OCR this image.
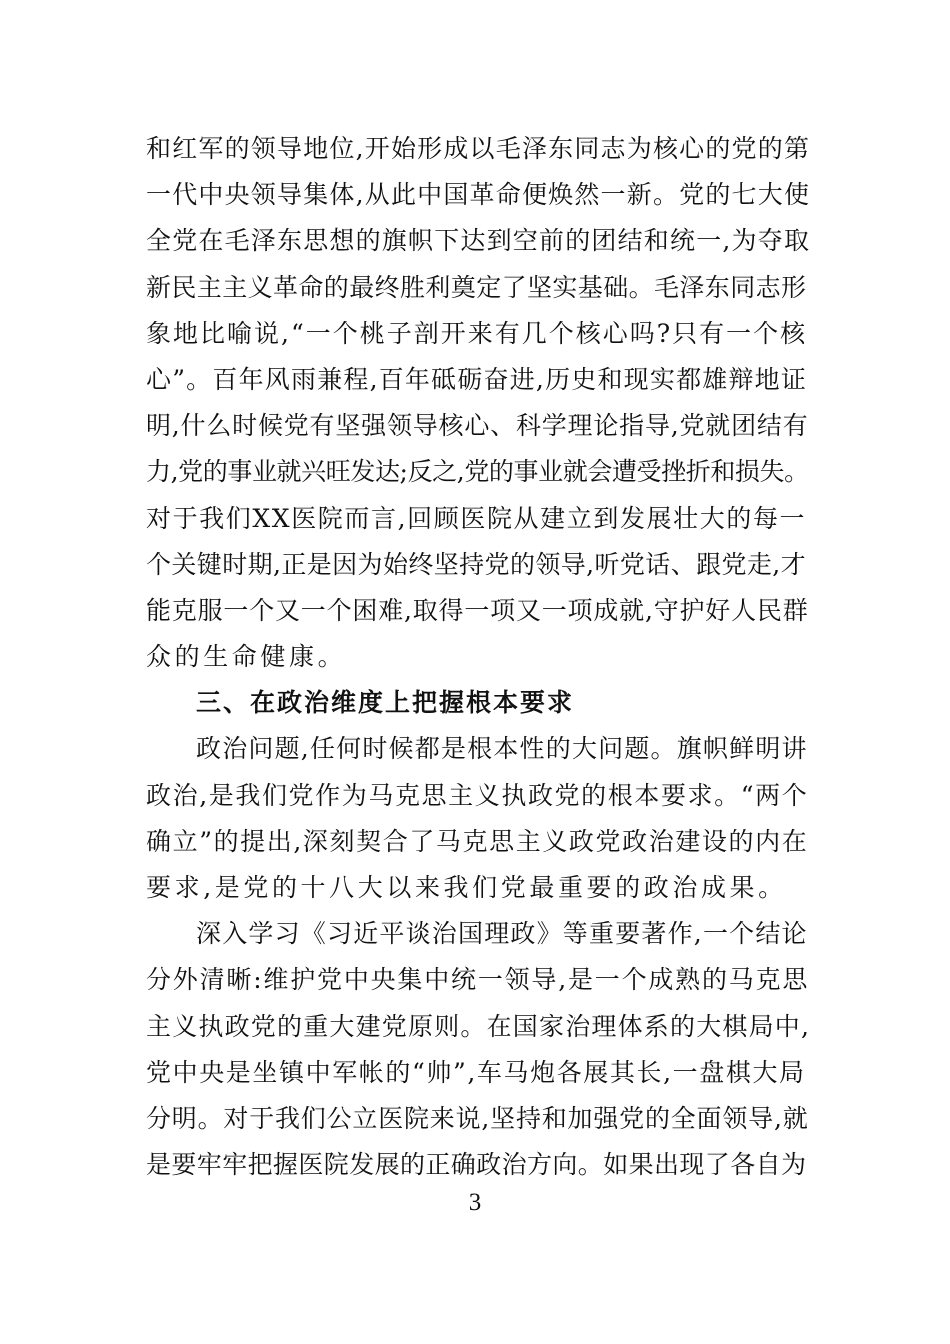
和红军的领导地位,开始形成以毛泽东同志为核心的党的第
一代中央领导集体,从此中国革命便焕然一新。党的七大使
全党在毛泽东思想的旗帜下达到空前的团结和统一,为夺取
新民主主义革命的最终胜利奠定了坚实基础。毛泽东同志形
象地比喻说,“一个桃子剖开来有几个核心吗?只有一个核
心”。百年风雨兼程,百年砥砺奋进,历史和现实都雄辩地证
明,什么时候党有坚强领导核心、科学理论指导,党就团结有
力,党的事业就兴旺发达;反之,党的事业就会遭受挫折和损失。
对于我们XX医院而言,回顾医院从建立到发展壮大的每一
个关键时期,正是因为始终坚持党的领导,听党话、跟党走,才
能克服一个又一个困难,取得一项又一项成就,守护好人民群
众的生命健康。
三、在政治维度上把握根本要求
政治问题,任何时候都是根本性的大问题。旗帜鲜明讲
政治,是我们党作为马克思主义执政党的根本要求。“两个
确立”的提出,深刻契合了马克思主义政党政治建设的内在
要求,是党的十八大以来我们党最重要的政治成果。
深入学习《习近平谈治国理政》等重要著作,一个结论
分外清晰:维护党中央集中统一领导,是一个成熟的马克思
主义执政党的重大建党原则。在国家治理体系的大棋局中,
党中央是坐镇中军帐的“帅”,车马炮各展其长,一盘棋大局
分明。对于我们公立医院来说,坚持和加强党的全面领导,就
是要牢牢把握医院发展的正确政治方向。如果出现了各自为
3
